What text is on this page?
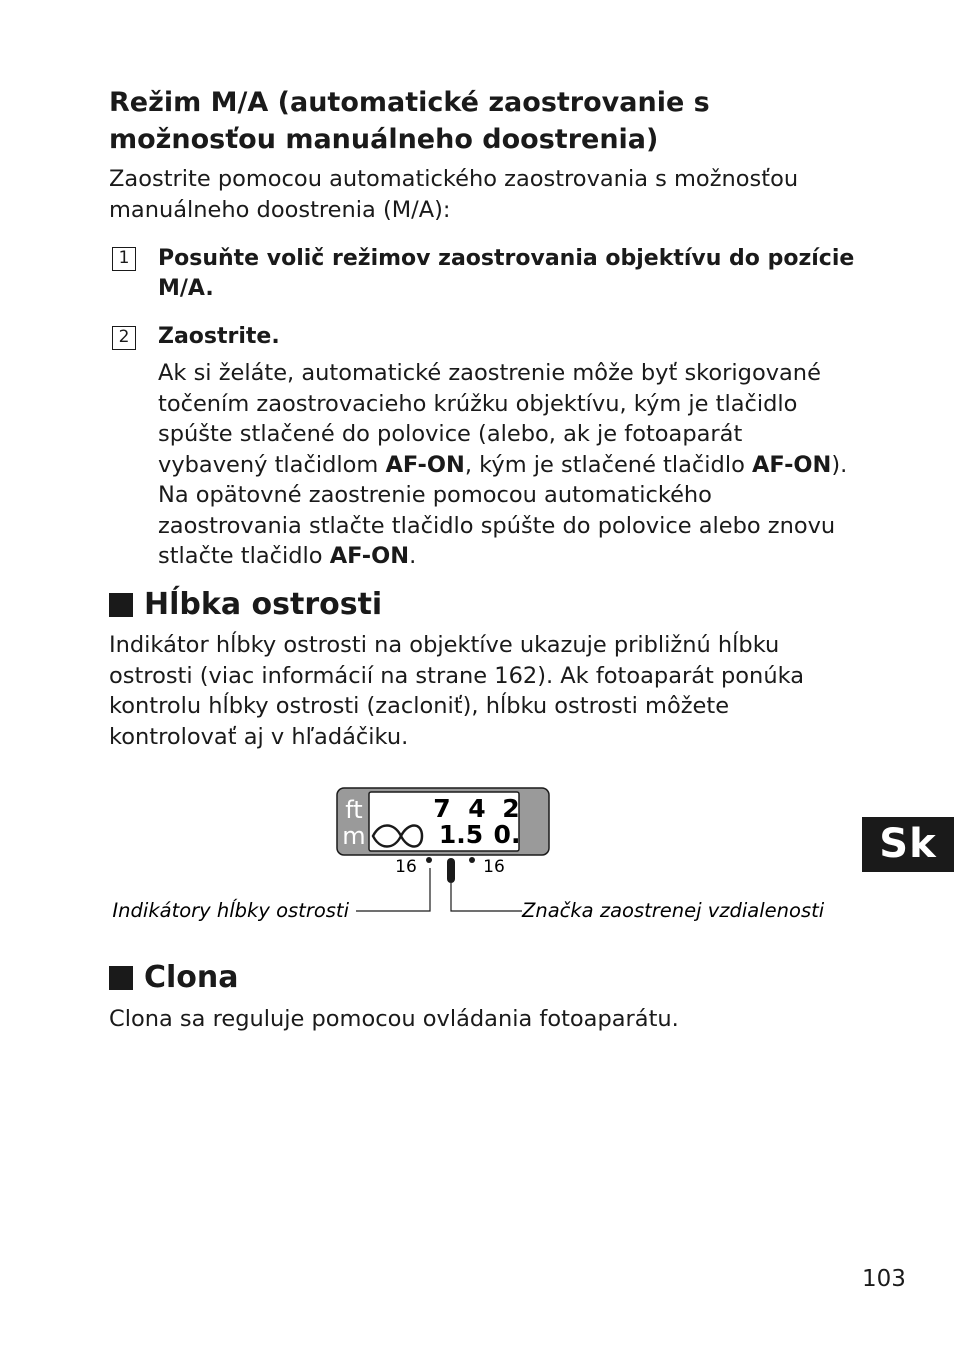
Režim M/A (automatické zaostrovanie s možnosťou manuálneho doostrenia)
Zaostrite pomocou automatického zaostrovania s možnosťou manuálneho doostrenia (M/A):
1 Posuňte volič režimov zaostrovania objektívu do pozície M/A.
2 Zaostrite.
Ak si želáte, automatické zaostrenie môže byť skorigované točením zaostrovacieho krúžku objektívu, kým je tlačidlo spúšte stlačené do polovice (alebo, ak je fotoaparát vybavený tlačidlom AF-ON, kým je stlačené tlačidlo AF-ON). Na opätovné zaostrenie pomocou automatického zaostrovania stlačte tlačidlo spúšte do polovice alebo znovu stlačte tlačidlo AF-ON.
Hĺbka ostrosti
Indikátor hĺbky ostrosti na objektíve ukazuje približnú hĺbku ostrosti (viac informácií na strane 162). Ak fotoaparát ponúka kontrolu hĺbky ostrosti (zacloniť), hĺbku ostrosti môžete kontrolovať aj v hľadáčiku.
ft
m
7 4 2
1.5 0.
16	16
Indikátory hĺbky ostrosti	Značka zaostrenej vzdialenosti
Clona
Clona sa reguluje pomocou ovládania fotoaparátu.
Sk
103
